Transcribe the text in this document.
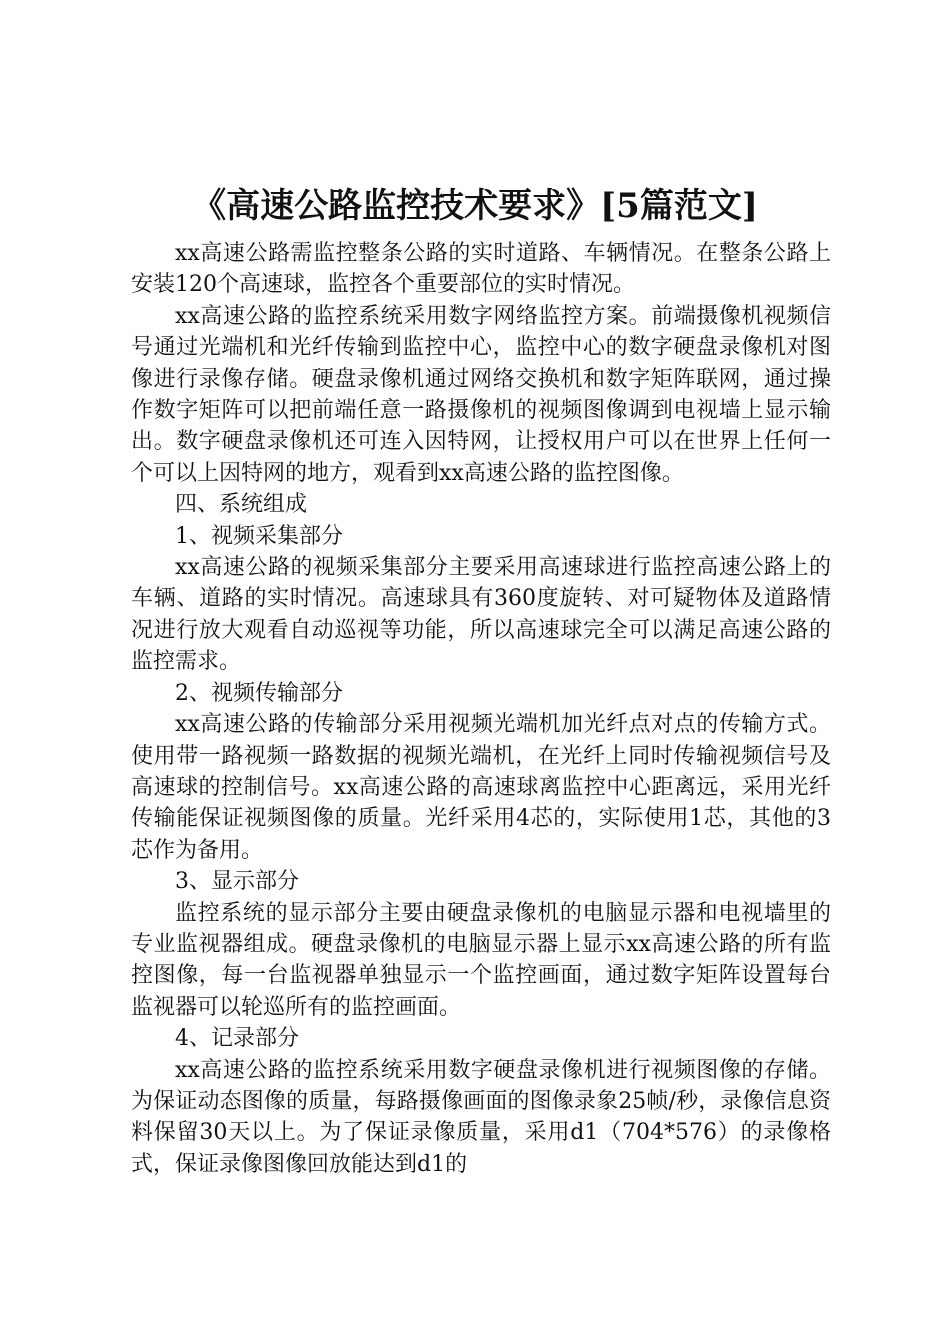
《高速公路监控技术要求》[5篇范文]

xx高速公路需监控整条公路的实时道路、车辆情况。在整条公路上安装120个高速球，监控各个重要部位的实时情况。

xx高速公路的监控系统采用数字网络监控方案。前端摄像机视频信号通过光端机和光纤传输到监控中心，监控中心的数字硬盘录像机对图像进行录像存储。硬盘录像机通过网络交换机和数字矩阵联网，通过操作数字矩阵可以把前端任意一路摄像机的视频图像调到电视墙上显示输出。数字硬盘录像机还可连入因特网，让授权用户可以在世界上任何一个可以上因特网的地方，观看到xx高速公路的监控图像。

四、系统组成

1、视频采集部分

xx高速公路的视频采集部分主要采用高速球进行监控高速公路上的车辆、道路的实时情况。高速球具有360度旋转、对可疑物体及道路情况进行放大观看自动巡视等功能，所以高速球完全可以满足高速公路的监控需求。

2、视频传输部分

xx高速公路的传输部分采用视频光端机加光纤点对点的传输方式。使用带一路视频一路数据的视频光端机，在光纤上同时传输视频信号及高速球的控制信号。xx高速公路的高速球离监控中心距离远，采用光纤传输能保证视频图像的质量。光纤采用4芯的，实际使用1芯，其他的3芯作为备用。

3、显示部分

监控系统的显示部分主要由硬盘录像机的电脑显示器和电视墙里的专业监视器组成。硬盘录像机的电脑显示器上显示xx高速公路的所有监控图像，每一台监视器单独显示一个监控画面，通过数字矩阵设置每台监视器可以轮巡所有的监控画面。

4、记录部分

xx高速公路的监控系统采用数字硬盘录像机进行视频图像的存储。为保证动态图像的质量，每路摄像画面的图像录象25帧/秒，录像信息资料保留30天以上。为了保证录像质量，采用d1（704*576）的录像格式，保证录像图像回放能达到d1的
